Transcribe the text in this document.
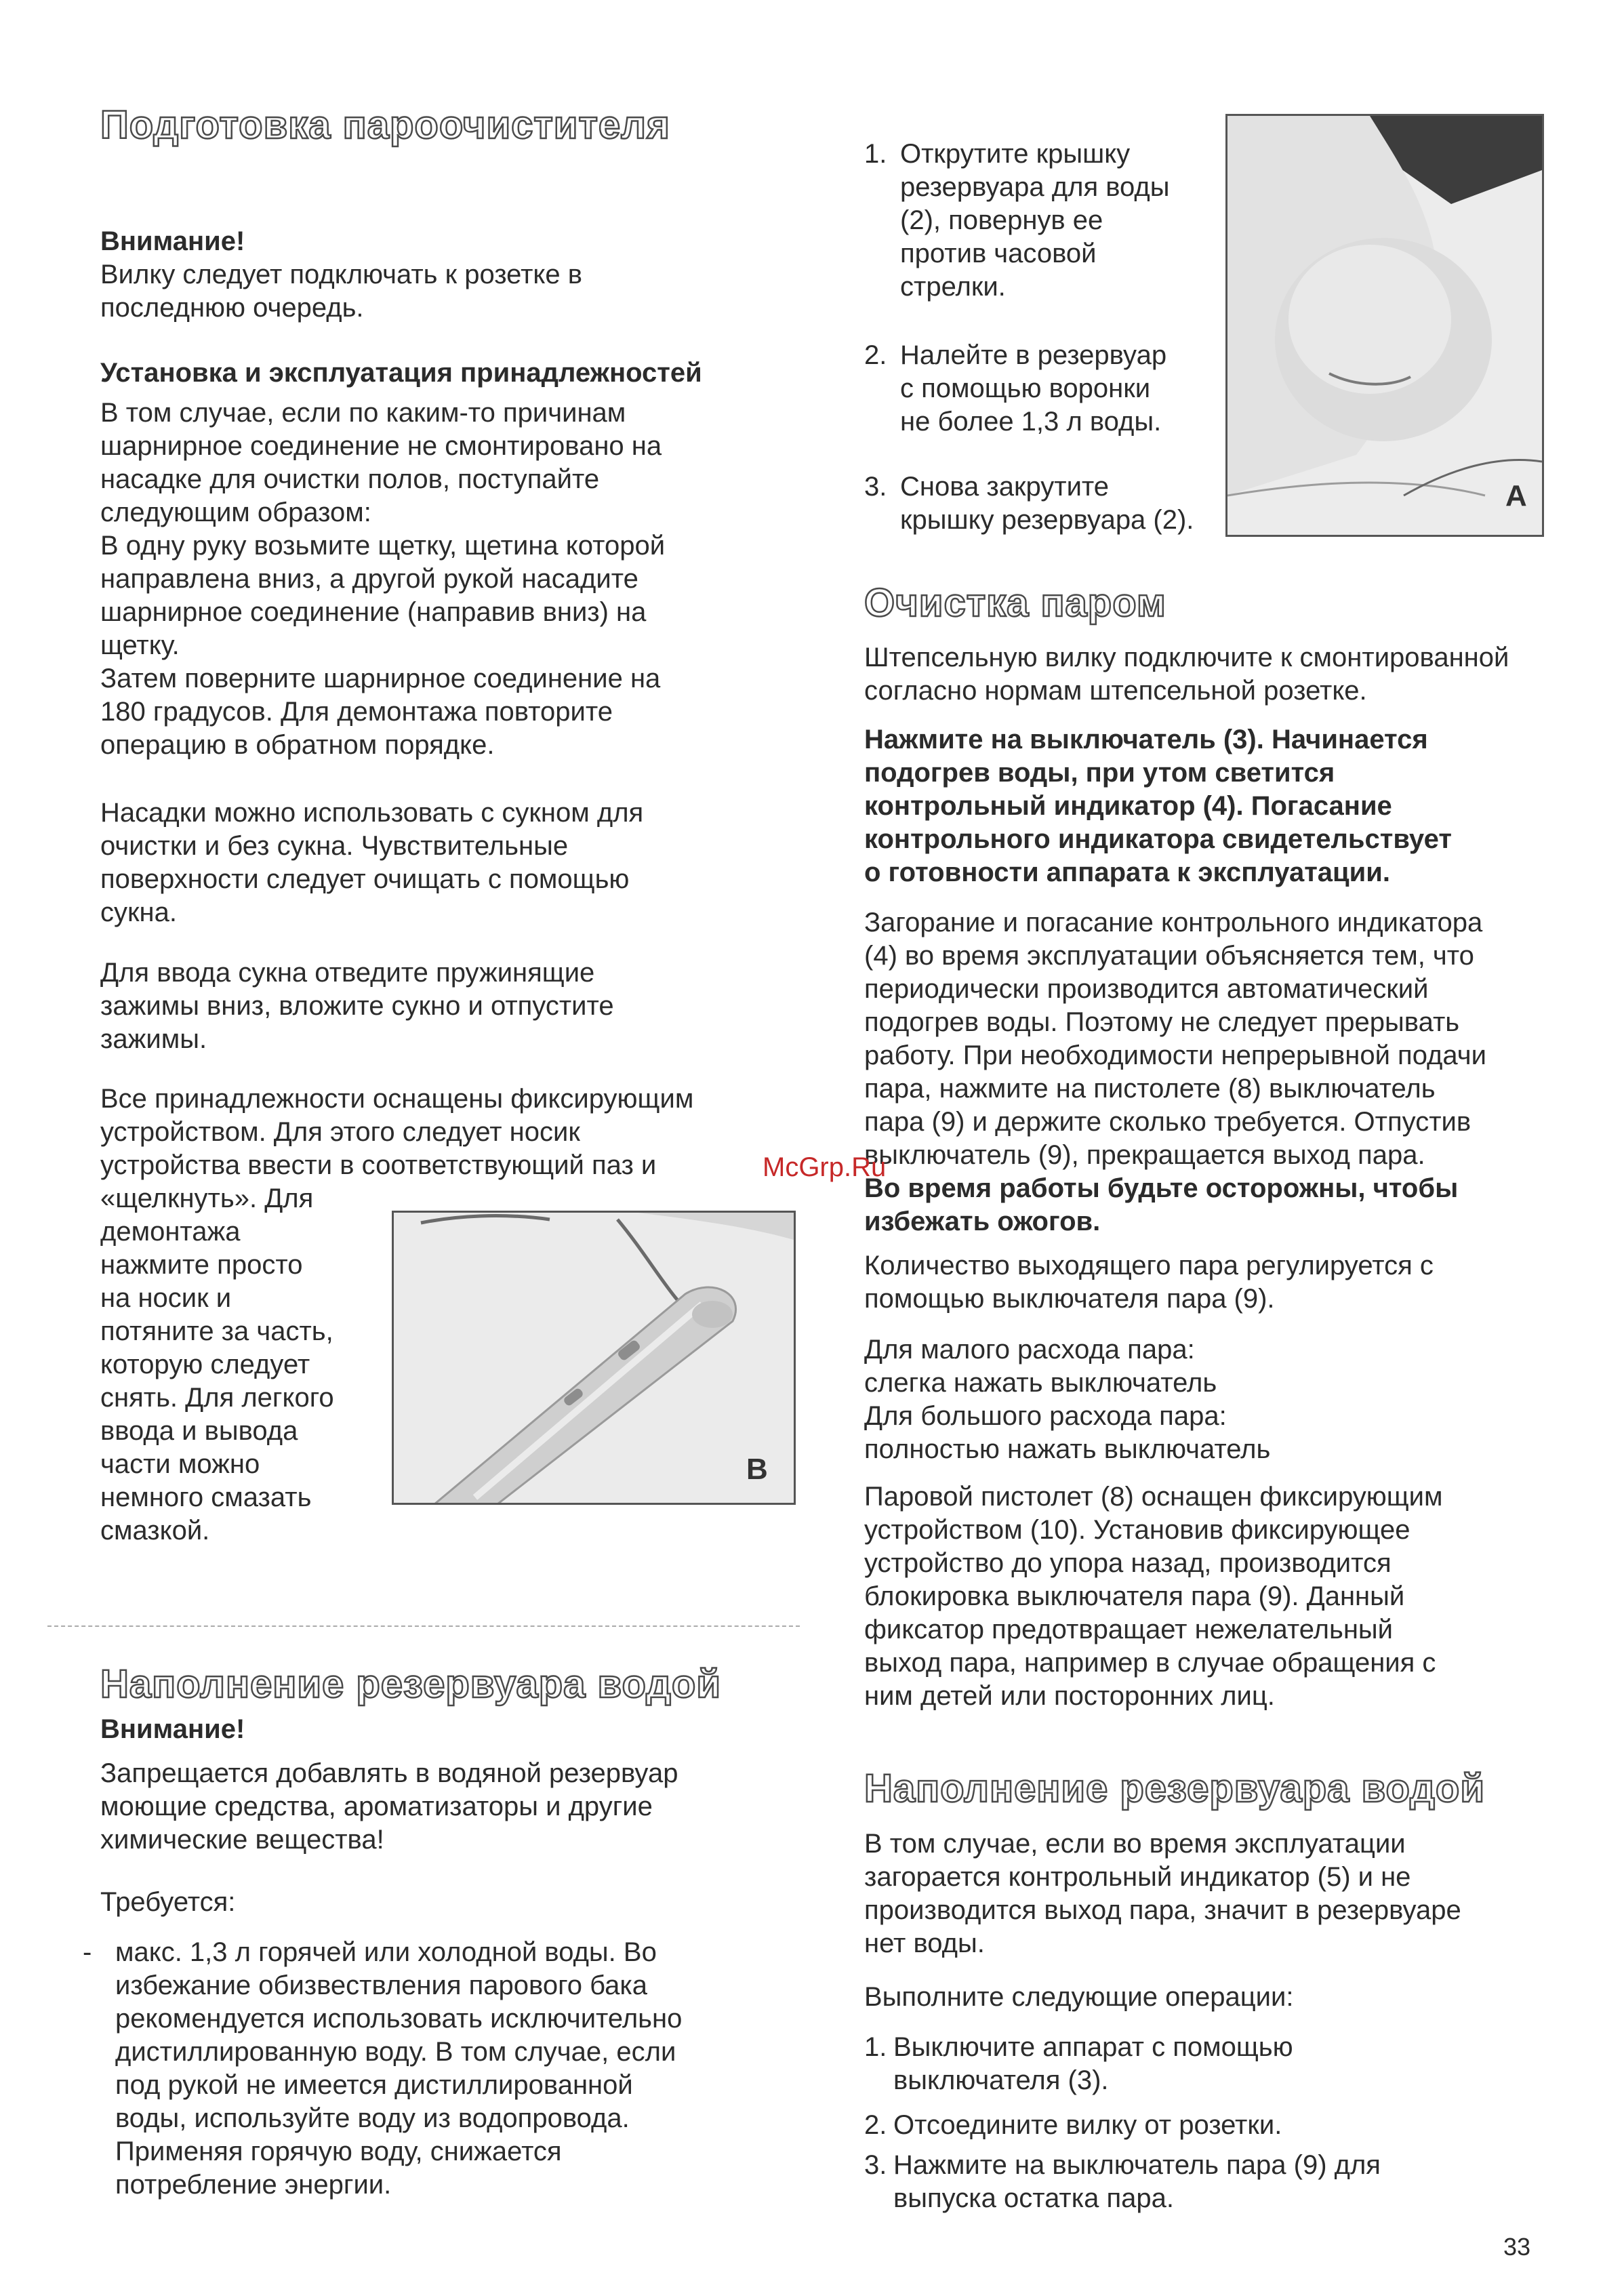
Подготовка пароочистителя

Внимание!

Вилку следует подключать к розетке в
последнюю очередь.

Установка и эксплуатация принадлежностей

В том случае, если по каким-то причинам
шарнирное соединение не смонтировано на
насадке для очистки полов, поступайте
следующим образом:
В одну руку возьмите щетку, щетина которой
направлена вниз, а другой рукой насадите
шарнирное соединение (направив вниз) на
щетку.
Затем поверните шарнирное соединение на
180 градусов. Для демонтажа повторите
операцию в обратном порядке.

Насадки можно использовать с сукном для
очистки и без сукна. Чувствительные
поверхности следует очищать с помощью
сукна.

Для ввода сукна отведите пружинящие
зажимы вниз, вложите сукно и отпустите
зажимы.

Все принадлежности оснащены фиксирующим
устройством. Для этого следует носик
устройства ввести в соответствующий паз и

«щелкнуть». Для
демонтажа
нажмите просто
на носик и
потяните за часть,
которую следует
снять. Для легкого
ввода и вывода
части можно
немного смазать
смазкой.

B
Наполнение резервуара водой

Внимание!

Запрещается добавлять в водяной резервуар
моющие средства, ароматизаторы и другие
химические вещества!

Требуется:

- макс. 1,3 л горячей или холодной воды. Во
избежание обизвествления парового бака
рекомендуется использовать исключительно
дистиллированную воду. В том случае, если
под рукой не имеется дистиллированной
воды, используйте воду из водопровода.
Применяя горячую воду, снижается
потребление энергии.

1. Открутите крышку
резервуара для воды
(2), повернув ее
против часовой
стрелки.
2. Налейте в резервуар
с помощью воронки
не более 1,3 л воды.
3. Снова закрутите
крышку резервуара (2).
A
Очистка паром

Штепсельную вилку подключите к смонтированной
согласно нормам штепсельной розетке.

Нажмите на выключатель (3). Начинается
подогрев воды, при утом светится
контрольный индикатор (4). Погасание
контрольного индикатора свидетельствует
о готовности аппарата к эксплуатации.

Загорание и погасание контрольного индикатора
(4) во время эксплуатации объясняется тем, что
периодически производится автоматический
подогрев воды. Поэтому не следует прерывать
работу. При необходимости непрерывной подачи
пара, нажмите на пистолете (8) выключатель
пара (9) и держите сколько требуется. Отпустив
выключатель (9), прекращается выход пара.

Во время работы будьте осторожны, чтобы
избежать ожогов.

Количество выходящего пара регулируется с
помощью выключателя пара (9).

Для малого расхода пара:
слегка нажать выключатель
Для большого расхода пара:
полностью нажать выключатель

Паровой пистолет (8) оснащен фиксирующим
устройством (10). Установив фиксирующее
устройство до упора назад, производится
блокировка выключателя пара (9). Данный
фиксатор предотвращает нежелательный
выход пара, например в случае обращения с
ним детей или посторонних лиц.

Наполнение резервуара водой

В том случае, если во время эксплуатации
загорается контрольный индикатор (5) и не
производится выход пара, значит в резервуаре
нет воды.

Выполните следующие операции:

1. Выключите аппарат с помощью
выключателя (3).
2. Отсоедините вилку от розетки.
3. Нажмите на выключатель пара (9) для
выпуска остатка пара.
McGrp.Ru
33
